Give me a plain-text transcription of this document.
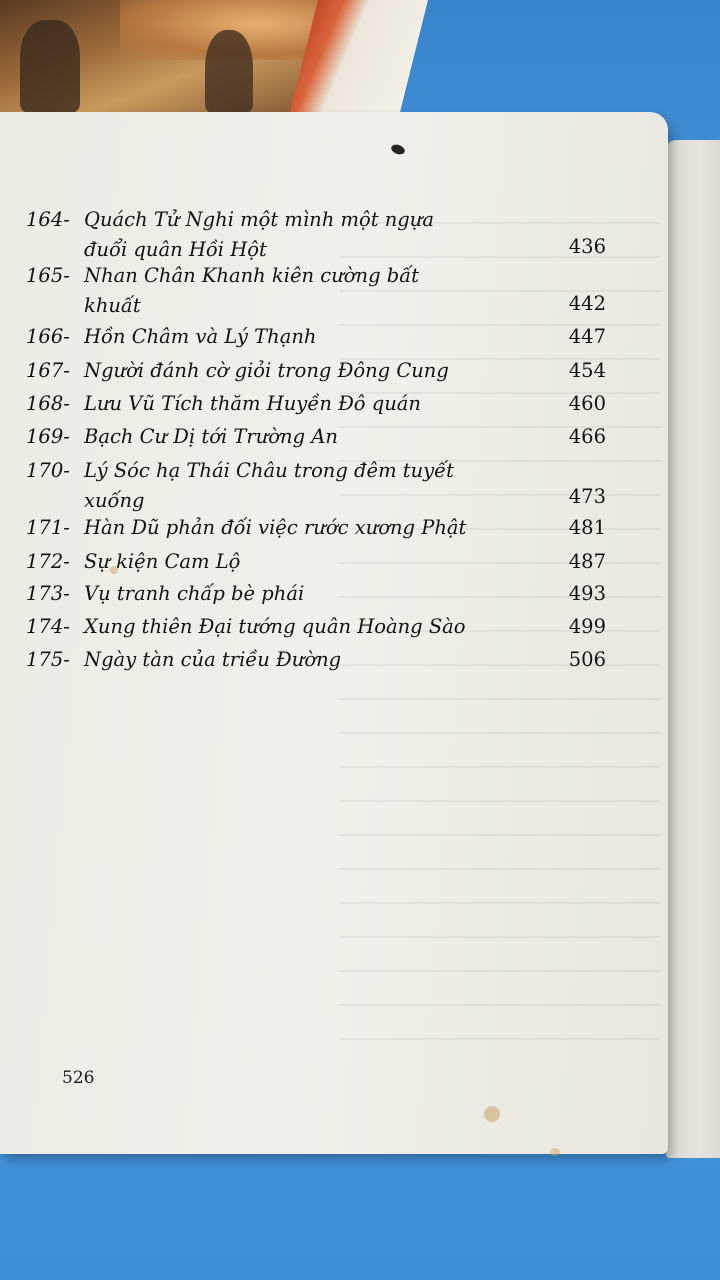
164- Quách Tử Nghi một mình một ngựa
đuổi quân Hồi Hột	436
165- Nhan Chân Khanh kiên cường bất
khuất	442
166- Hồn Châm và Lý Thạnh	447
167- Người đánh cờ giỏi trong Đông Cung	454
168- Lưu Vũ Tích thăm Huyền Đô quán	460
169- Bạch Cư Dị tới Trường An	466
170- Lý Sóc hạ Thái Châu trong đêm tuyết
xuống	473
171- Hàn Dũ phản đối việc rước xương Phật	481
172- Sự kiện Cam Lộ	487
173- Vụ tranh chấp bè phái	493
174- Xung thiên Đại tướng quân Hoàng Sào	499
175- Ngày tàn của triều Đường	506
526
